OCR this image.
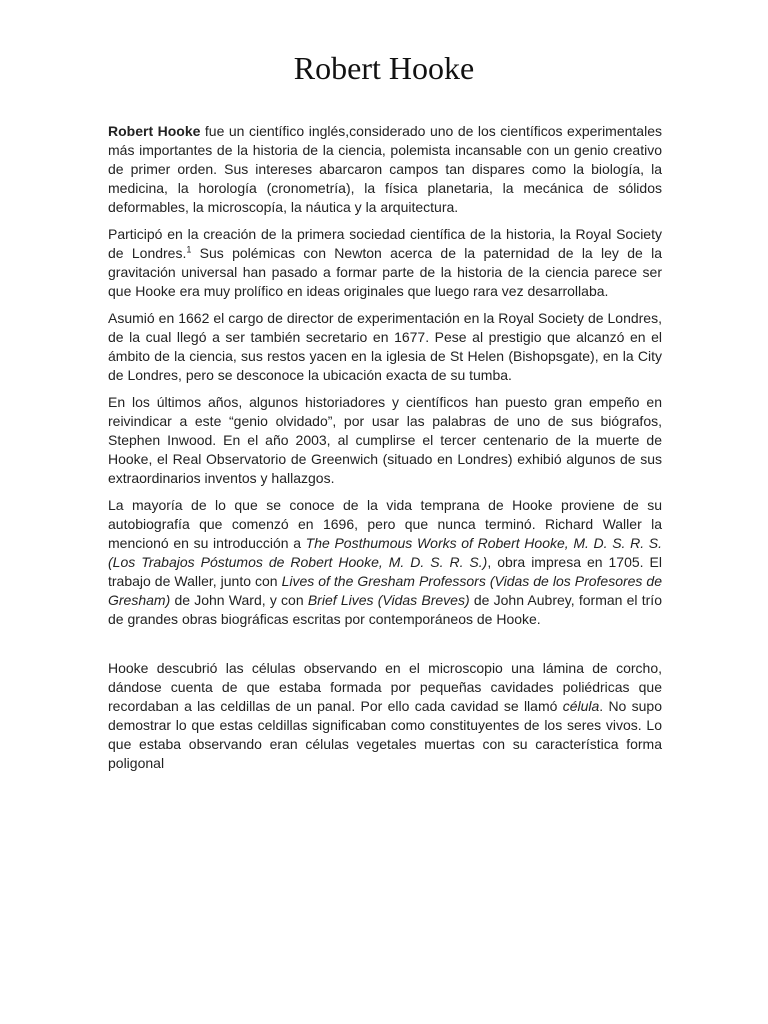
Robert Hooke

Robert Hooke fue un científico inglés,considerado uno de los científicos experimentales más importantes de la historia de la ciencia, polemista incansable con un genio creativo de primer orden. Sus intereses abarcaron campos tan dispares como la biología, la medicina, la horología (cronometría), la física planetaria, la mecánica de sólidos deformables, la microscopía, la náutica y la arquitectura.

Participó en la creación de la primera sociedad científica de la historia, la Royal Society de Londres.$^1$ Sus polémicas con Newton acerca de la paternidad de la ley de la gravitación universal han pasado a formar parte de la historia de la ciencia parece ser que Hooke era muy prolífico en ideas originales que luego rara vez desarrollaba.

Asumió en 1662 el cargo de director de experimentación en la Royal Society de Londres, de la cual llegó a ser también secretario en 1677. Pese al prestigio que alcanzó en el ámbito de la ciencia, sus restos yacen en la iglesia de St Helen (Bishopsgate), en la City de Londres, pero se desconoce la ubicación exacta de su tumba.

En los últimos años, algunos historiadores y científicos han puesto gran empeño en reivindicar a este “genio olvidado”, por usar las palabras de uno de sus biógrafos, Stephen Inwood. En el año 2003, al cumplirse el tercer centenario de la muerte de Hooke, el Real Observatorio de Greenwich (situado en Londres) exhibió algunos de sus extraordinarios inventos y hallazgos.

La mayoría de lo que se conoce de la vida temprana de Hooke proviene de su autobiografía que comenzó en 1696, pero que nunca terminó. Richard Waller la mencionó en su introducción a The Posthumous Works of Robert Hooke, M. D. S. R. S. (Los Trabajos Póstumos de Robert Hooke, M. D. S. R. S.), obra impresa en 1705. El trabajo de Waller, junto con Lives of the Gresham Professors (Vidas de los Profesores de Gresham) de John Ward, y con Brief Lives (Vidas Breves) de John Aubrey, forman el trío de grandes obras biográficas escritas por contemporáneos de Hooke.

Hooke descubrió las células observando en el microscopio una lámina de corcho, dándose cuenta de que estaba formada por pequeñas cavidades poliédricas que recordaban a las celdillas de un panal. Por ello cada cavidad se llamó célula. No supo demostrar lo que estas celdillas significaban como constituyentes de los seres vivos. Lo que estaba observando eran células vegetales muertas con su característica forma poligonal
